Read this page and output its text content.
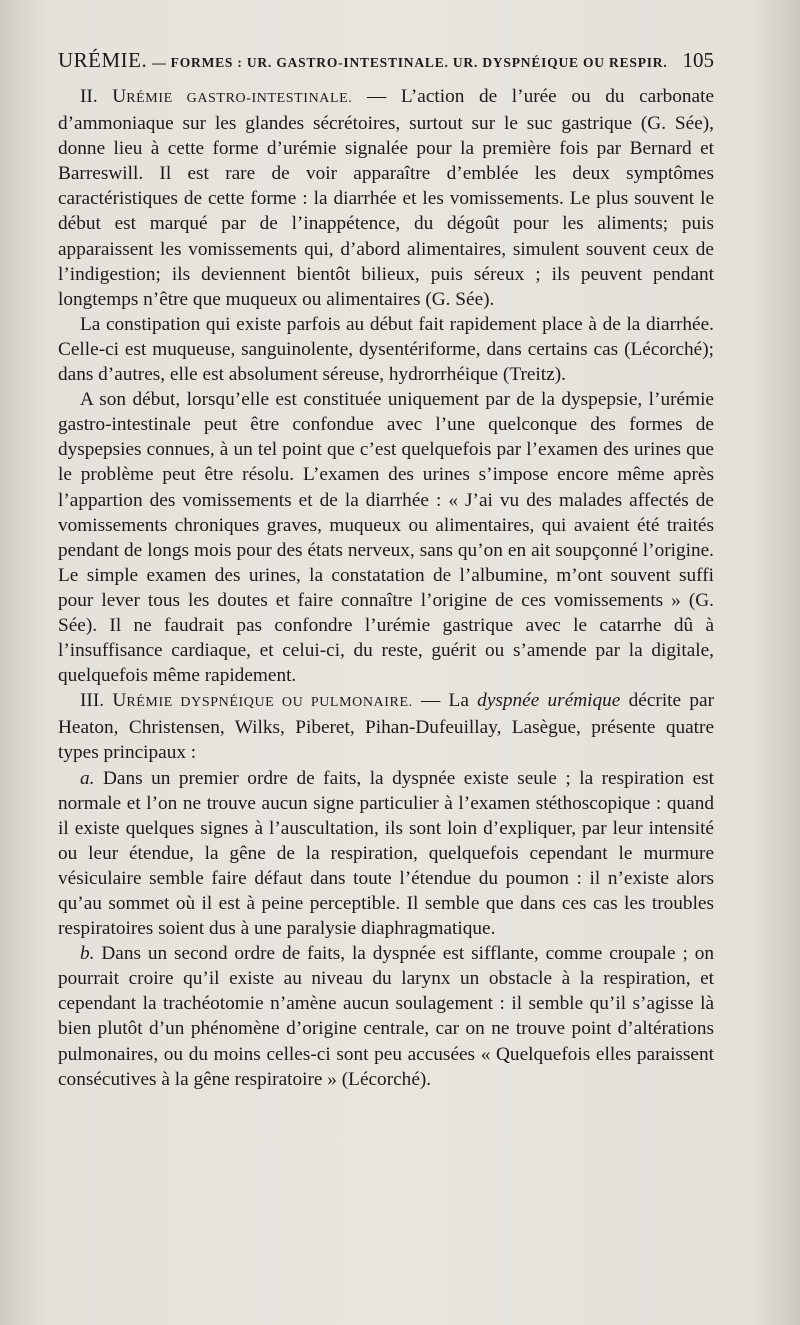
URÉMIE. — FORMES : UR. GASTRO-INTESTINALE. UR. DYSPNÉIQUE OU RESPIR. 105

II. URÉMIE GASTRO-INTESTINALE. — L’action de l’urée ou du carbonate d’ammoniaque sur les glandes sécrétoires, surtout sur le suc gastrique (G. Sée), donne lieu à cette forme d’urémie signalée pour la première fois par Bernard et Barreswill. Il est rare de voir apparaître d’emblée les deux symptômes caractéristiques de cette forme : la diarrhée et les vomissements. Le plus souvent le début est marqué par de l’inappétence, du dégoût pour les aliments; puis apparaissent les vomissements qui, d’abord alimentaires, simulent souvent ceux de l’indigestion; ils deviennent bientôt bilieux, puis séreux ; ils peuvent pendant longtemps n’être que muqueux ou alimentaires (G. Sée).

La constipation qui existe parfois au début fait rapidement place à de la diarrhée. Celle-ci est muqueuse, sanguinolente, dysentériforme, dans certains cas (Lécorché); dans d’autres, elle est absolument séreuse, hydrorrhéique (Treitz).

A son début, lorsqu’elle est constituée uniquement par de la dyspepsie, l’urémie gastro-intestinale peut être confondue avec l’une quelconque des formes de dyspepsies connues, à un tel point que c’est quelquefois par l’examen des urines que le problème peut être résolu. L’examen des urines s’impose encore même après l’appartion des vomissements et de la diarrhée : « J’ai vu des malades affectés de vomissements chroniques graves, muqueux ou alimentaires, qui avaient été traités pendant de longs mois pour des états nerveux, sans qu’on en ait soupçonné l’origine. Le simple examen des urines, la constatation de l’albumine, m’ont souvent suffi pour lever tous les doutes et faire connaître l’origine de ces vomissements » (G. Sée). Il ne faudrait pas confondre l’urémie gastrique avec le catarrhe dû à l’insuffisance cardiaque, et celui-ci, du reste, guérit ou s’amende par la digitale, quelquefois même rapidement.

III. URÉMIE DYSPNÉIQUE OU PULMONAIRE. — La dyspnée urémique décrite par Heaton, Christensen, Wilks, Piberet, Pihan-Dufeuillay, Lasègue, présente quatre types principaux :

a. Dans un premier ordre de faits, la dyspnée existe seule ; la respiration est normale et l’on ne trouve aucun signe particulier à l’examen stéthoscopique : quand il existe quelques signes à l’auscultation, ils sont loin d’expliquer, par leur intensité ou leur étendue, la gêne de la respiration, quelquefois cependant le murmure vésiculaire semble faire défaut dans toute l’étendue du poumon : il n’existe alors qu’au sommet où il est à peine perceptible. Il semble que dans ces cas les troubles respiratoires soient dus à une paralysie diaphragmatique.

b. Dans un second ordre de faits, la dyspnée est sifflante, comme croupale ; on pourrait croire qu’il existe au niveau du larynx un obstacle à la respiration, et cependant la trachéotomie n’amène aucun soulagement : il semble qu’il s’agisse là bien plutôt d’un phénomène d’origine centrale, car on ne trouve point d’altérations pulmonaires, ou du moins celles-ci sont peu accusées « Quelquefois elles paraissent consécutives à la gêne respiratoire » (Lécorché).
